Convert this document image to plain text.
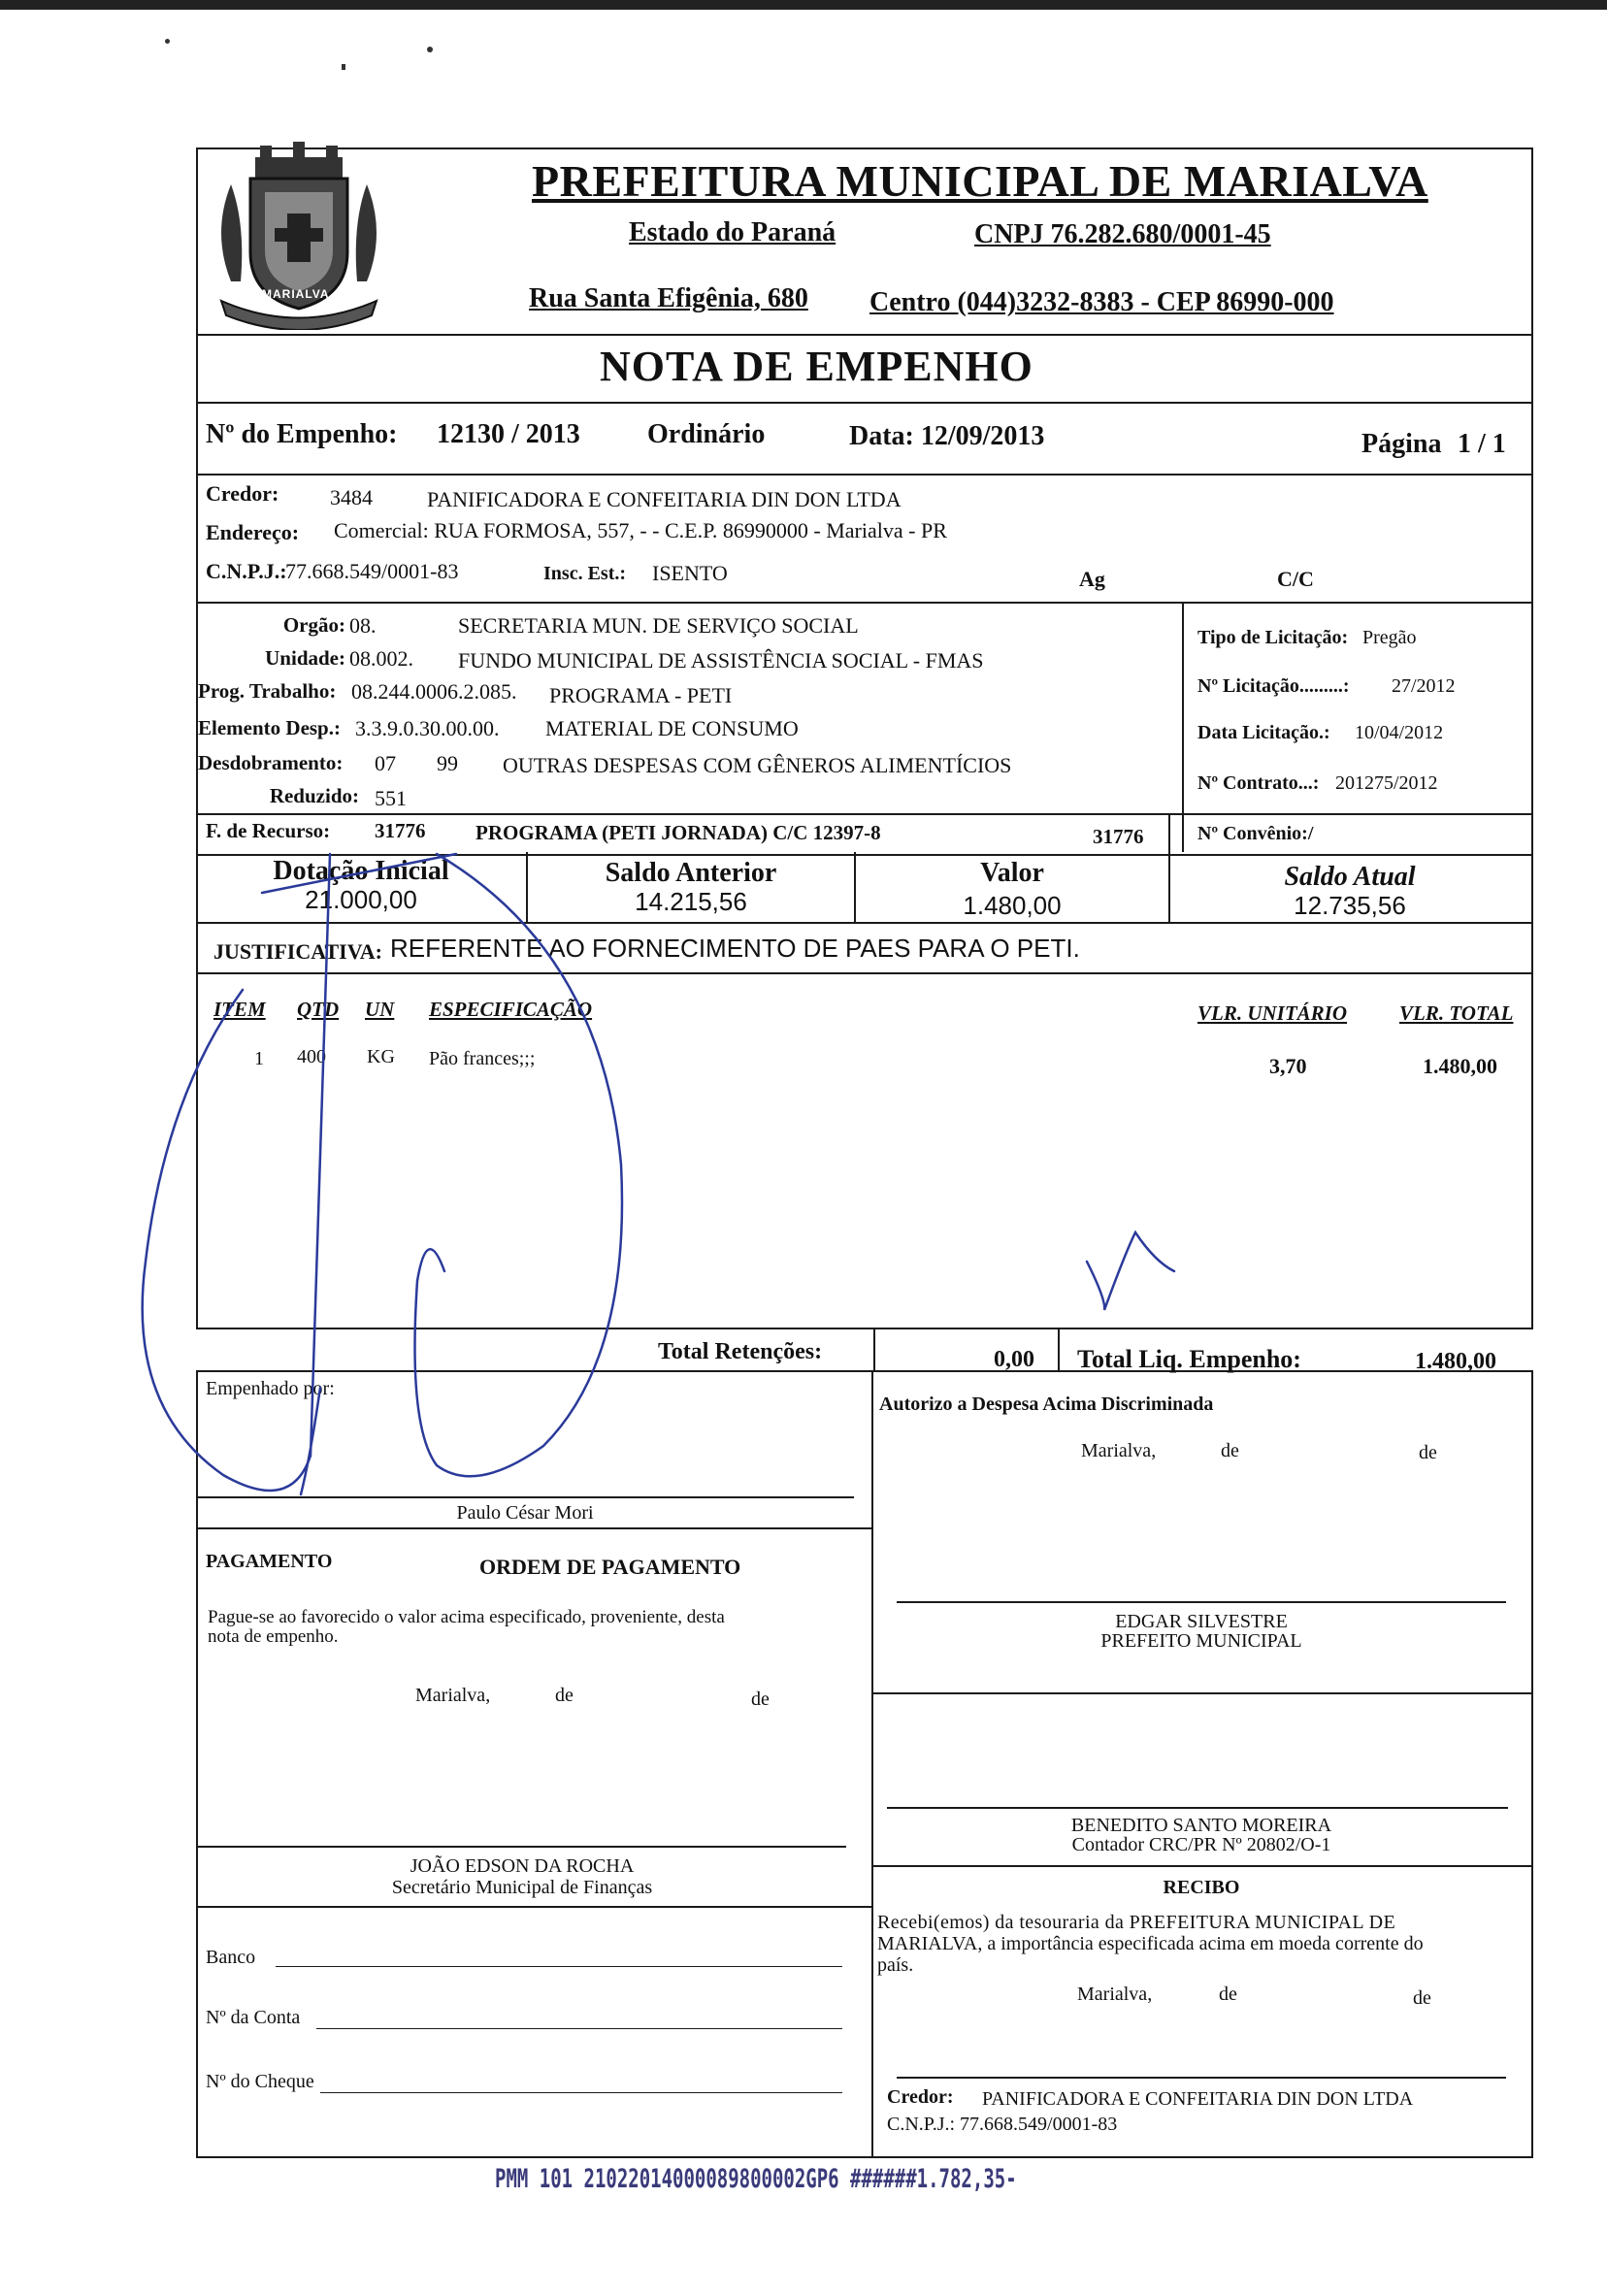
MARIALVA
PREFEITURA MUNICIPAL DE MARIALVA
Estado do Paraná	CNPJ 76.282.680/0001-45
Rua Santa Efigênia, 680 Centro (044)3232-8383 - CEP 86990-000
NOTA DE EMPENHO
Nº do Empenho: 12130 / 2013 Ordinário	Data: 12/09/2013	Página 1 / 1
Credor: 3484	PANIFICADORA E CONFEITARIA DIN DON LTDA
Endereço: Comercial: RUA FORMOSA, 557, - - C.E.P. 86990000 - Marialva - PR
C.N.P.J.:
77.668.549/0001-83	Insc. Est.: ISENTO	Ag	C/C
Orgão: 08.	SECRETARIA MUN. DE SERVIÇO SOCIAL
Unidade: 08.002. FUNDO MUNICIPAL DE ASSISTÊNCIA SOCIAL - FMAS
Prog. Trabalho: 08.244.0006.2.085. PROGRAMA - PETI
Elemento Desp.: 3.3.9.0.30.00.00. MATERIAL DE CONSUMO
Desdobramento: 07 99 OUTRAS DESPESAS COM GÊNEROS ALIMENTÍCIOS
Reduzido: 551
F. de Recurso: 31776 PROGRAMA (PETI JORNADA) C/C 12397-8	31776
Tipo de Licitação: Pregão
Nº Licitação.........: 27/2012
Data Licitação.: 10/04/2012
Nº Contrato...: 201275/2012
Nº Convênio:/
Dotação Inicial
21.000,00
Saldo Anterior
14.215,56
Valor
1.480,00
Saldo Atual
12.735,56
JUSTIFICATIVA: REFERENTE AO FORNECIMENTO DE PAES PARA O PETI.
ITEM QTD UN ESPECIFICAÇÃO	VLR. UNITÁRIO	VLR. TOTAL
1 400 KG Pão frances;;;	3,70	1.480,00
Total Retenções:	0,00 Total Liq. Empenho:	1.480,00
Empenhado por:
Paulo César Mori
Autorizo a Despesa Acima Discriminada
Marialva,	de	de
PAGAMENTO	ORDEM DE PAGAMENTO
Pague-se ao favorecido o valor acima especificado, proveniente, desta
nota de empenho.
Marialva,	de	de
EDGAR SILVESTRE
PREFEITO MUNICIPAL
BENEDITO SANTO MOREIRA
Contador CRC/PR Nº 20802/O-1
JOÃO EDSON DA ROCHA
Secretário Municipal de Finanças	RECIBO
Recebi(emos) da tesouraria da PREFEITURA MUNICIPAL DE
MARIALVA, a importância especificada acima em moeda corrente do
país.
Marialva,	de	de
Banco
Nº da Conta
Nº do Cheque
Credor: PANIFICADORA E CONFEITARIA DIN DON LTDA
C.N.P.J.: 77.668.549/0001-83
PMM 101 21022014000089800002GP6 ######1.782,35-
